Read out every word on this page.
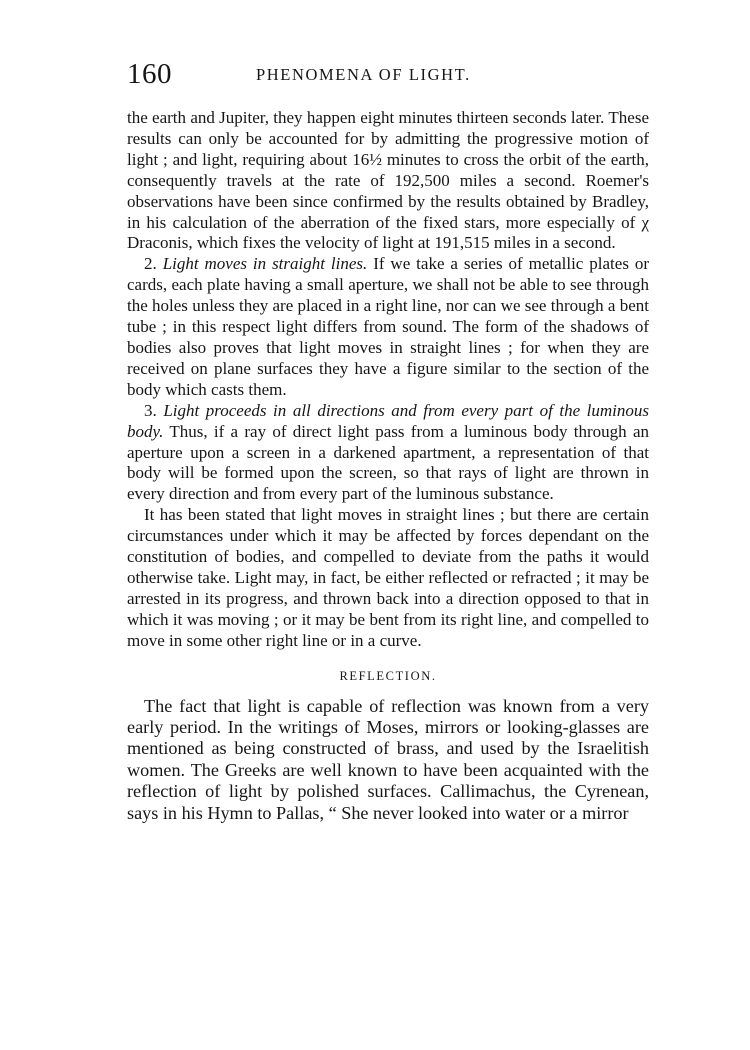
160	PHENOMENA OF LIGHT.

the earth and Jupiter, they happen eight minutes thirteen seconds later. These results can only be accounted for by admitting the progressive motion of light ; and light, requiring about 16½ minutes to cross the orbit of the earth, consequently travels at the rate of 192,500 miles a second. Roemer's observations have been since confirmed by the results obtained by Bradley, in his calculation of the aberration of the fixed stars, more especially of χ Draconis, which fixes the velocity of light at 191,515 miles in a second.

2. Light moves in straight lines. If we take a series of metallic plates or cards, each plate having a small aperture, we shall not be able to see through the holes unless they are placed in a right line, nor can we see through a bent tube ; in this respect light differs from sound. The form of the shadows of bodies also proves that light moves in straight lines ; for when they are received on plane surfaces they have a figure similar to the section of the body which casts them.

3. Light proceeds in all directions and from every part of the luminous body. Thus, if a ray of direct light pass from a luminous body through an aperture upon a screen in a darkened apartment, a representation of that body will be formed upon the screen, so that rays of light are thrown in every direction and from every part of the luminous substance.

It has been stated that light moves in straight lines ; but there are certain circumstances under which it may be affected by forces dependant on the constitution of bodies, and compelled to deviate from the paths it would otherwise take. Light may, in fact, be either reflected or refracted ; it may be arrested in its progress, and thrown back into a direction opposed to that in which it was moving ; or it may be bent from its right line, and compelled to move in some other right line or in a curve.

REFLECTION.

The fact that light is capable of reflection was known from a very early period. In the writings of Moses, mirrors or looking-glasses are mentioned as being constructed of brass, and used by the Israelitish women. The Greeks are well known to have been acquainted with the reflection of light by polished surfaces. Callimachus, the Cyrenean, says in his Hymn to Pallas, “ She never looked into water or a mirror
